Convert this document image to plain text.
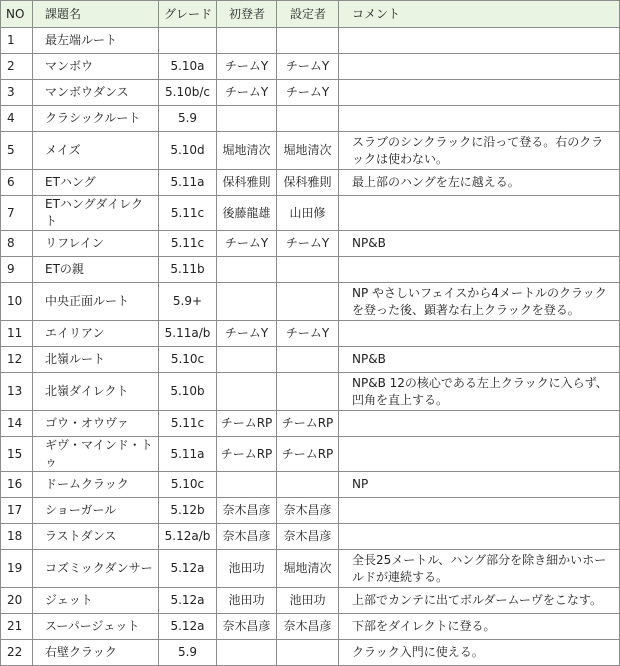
NO	課題名	グレード	初登者	設定者	コメント
1	最左端ルート				
2	マンボウ	5.10a	チームY	チームY	
3	マンボウダンス	5.10b/c	チームY	チームY	
4	クラシックルート	5.9			
5	メイズ	5.10d	堀地清次	堀地清次	スラブのシンクラックに沿って登る。右のクラックは使わない。
6	ETハング	5.11a	保科雅則	保科雅則	最上部のハングを左に越える。
7	ETハングダイレクト	5.11c	後藤龍雄	山田修	
8	リフレイン	5.11c	チームY	チームY	NP&B
9	ETの親	5.11b			
10	中央正面ルート	5.9+			NP やさしいフェイスから4メートルのクラックを登った後、顕著な右上クラックを登る。
11	エイリアン	5.11a/b	チームY	チームY	
12	北嶺ルート	5.10c			NP&B
13	北嶺ダイレクト	5.10b			NP&B 12の核心である左上クラックに入らず、凹角を直上する。
14	ゴウ・オウヴァ	5.11c	チームRP	チームRP	
15	ギヴ・マインド・トゥ	5.11a	チームRP	チームRP	
16	ドームクラック	5.10c			NP
17	ショーガール	5.12b	奈木昌彦	奈木昌彦	
18	ラストダンス	5.12a/b	奈木昌彦	奈木昌彦	
19	コズミックダンサー	5.12a	池田功	堀地清次	全長25メートル、ハング部分を除き細かいホールドが連続する。
20	ジェット	5.12a	池田功	池田功	上部でカンテに出てボルダームーヴをこなす。
21	スーパージェット	5.12a	奈木昌彦	奈木昌彦	下部をダイレクトに登る。
22	右壁クラック	5.9			クラック入門に使える。
